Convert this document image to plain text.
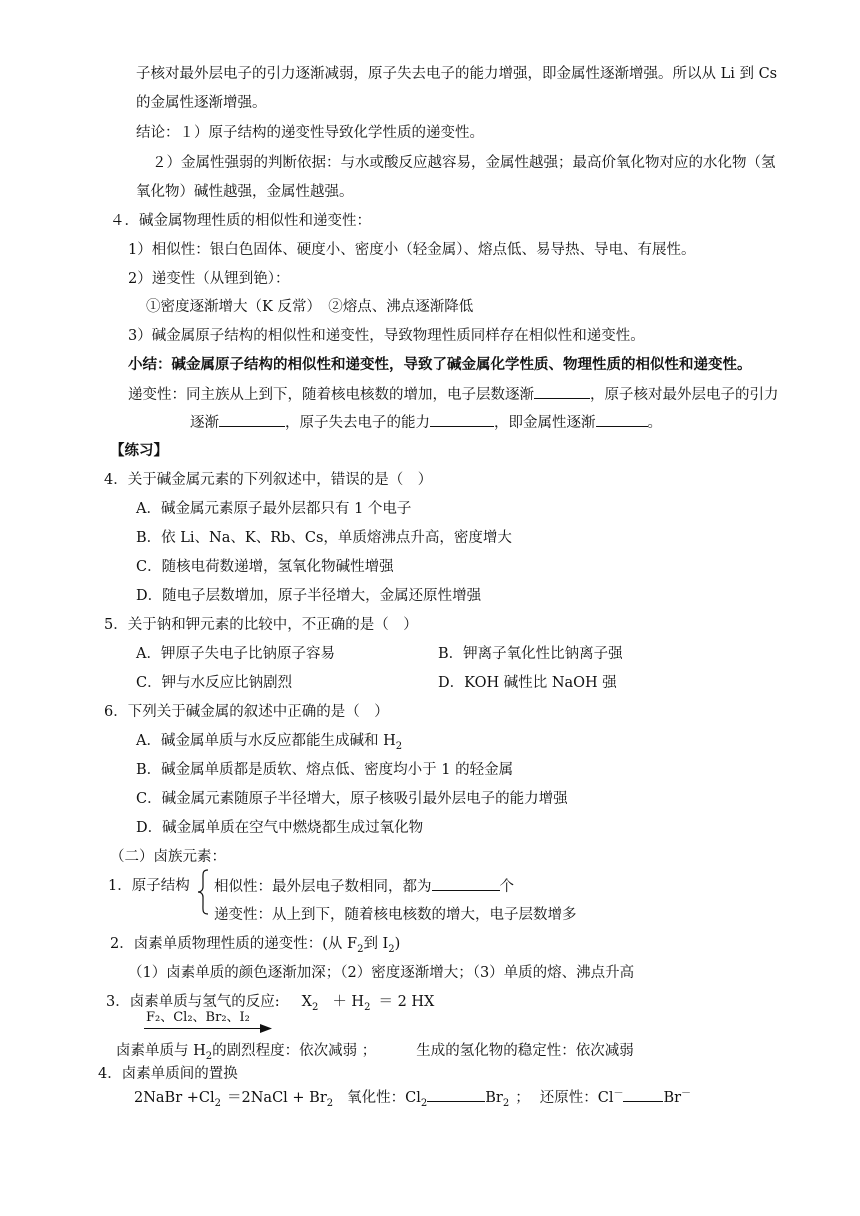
子核对最外层电子的引力逐渐减弱，原子失去电子的能力增强，即金属性逐渐增强。所以从 Li 到 Cs
的金属性逐渐增强。
结论：１）原子结构的递变性导致化学性质的递变性。
２）金属性强弱的判断依据：与水或酸反应越容易，金属性越强；最高价氧化物对应的水化物（氢
氧化物）碱性越强，金属性越强。
４．碱金属物理性质的相似性和递变性：
1）相似性：银白色固体、硬度小、密度小（轻金属）、熔点低、易导热、导电、有展性。
2）递变性（从锂到铯）：
①密度逐渐增大（K 反常）　②熔点、沸点逐渐降低
3）碱金属原子结构的相似性和递变性，导致物理性质同样存在相似性和递变性。
小结：碱金属原子结构的相似性和递变性，导致了碱金属化学性质、物理性质的相似性和递变性。
递变性：同主族从上到下，随着核电核数的增加，电子层数逐渐	，原子核对最外层电子的引力
逐渐	，原子失去电子的能力	，即金属性逐渐	。
【练习】
4．关于碱金属元素的下列叙述中，错误的是（　）
A．碱金属元素原子最外层都只有 1 个电子
B．依 Li、Na、K、Rb、Cs，单质熔沸点升高，密度增大
C．随核电荷数递增，氢氧化物碱性增强
D．随电子层数增加，原子半径增大，金属还原性增强
5．关于钠和钾元素的比较中，不正确的是（　）
A．钾原子失电子比钠原子容易	B．钾离子氧化性比钠离子强
C．钾与水反应比钠剧烈	D．KOH 碱性比 NaOH 强
6．下列关于碱金属的叙述中正确的是（　）
A．碱金属单质与水反应都能生成碱和 $H_2$
B．碱金属单质都是质软、熔点低、密度均小于 1 的轻金属
C．碱金属元素随原子半径增大，原子核吸引最外层电子的能力增强
D．碱金属单质在空气中燃烧都生成过氧化物
（二）卤族元素：
1．原子结构 相似性：最外层电子数相同，都为	个
递变性：从上到下，随着核电核数的增大，电子层数增多
2．卤素单质物理性质的递变性：(从 $F_2$到 $I_2$)
（1）卤素单质的颜色逐渐加深；（2）密度逐渐增大；（3）单质的熔、沸点升高
3．卤素单质与氢气的反应: $X_2 + H_2 = 2$ HX
F₂、Cl₂、Br₂、I₂
卤素单质与 $H_2$的剧烈程度：依次减弱 ；	生成的氢化物的稳定性：依次减弱
4．卤素单质间的置换
2NaBr $+Cl_2$ ＝2NaCl + $Br_2$ 氧化性：$Cl_2$	$Br_2$ ； 还原性：Cl－	Br－
